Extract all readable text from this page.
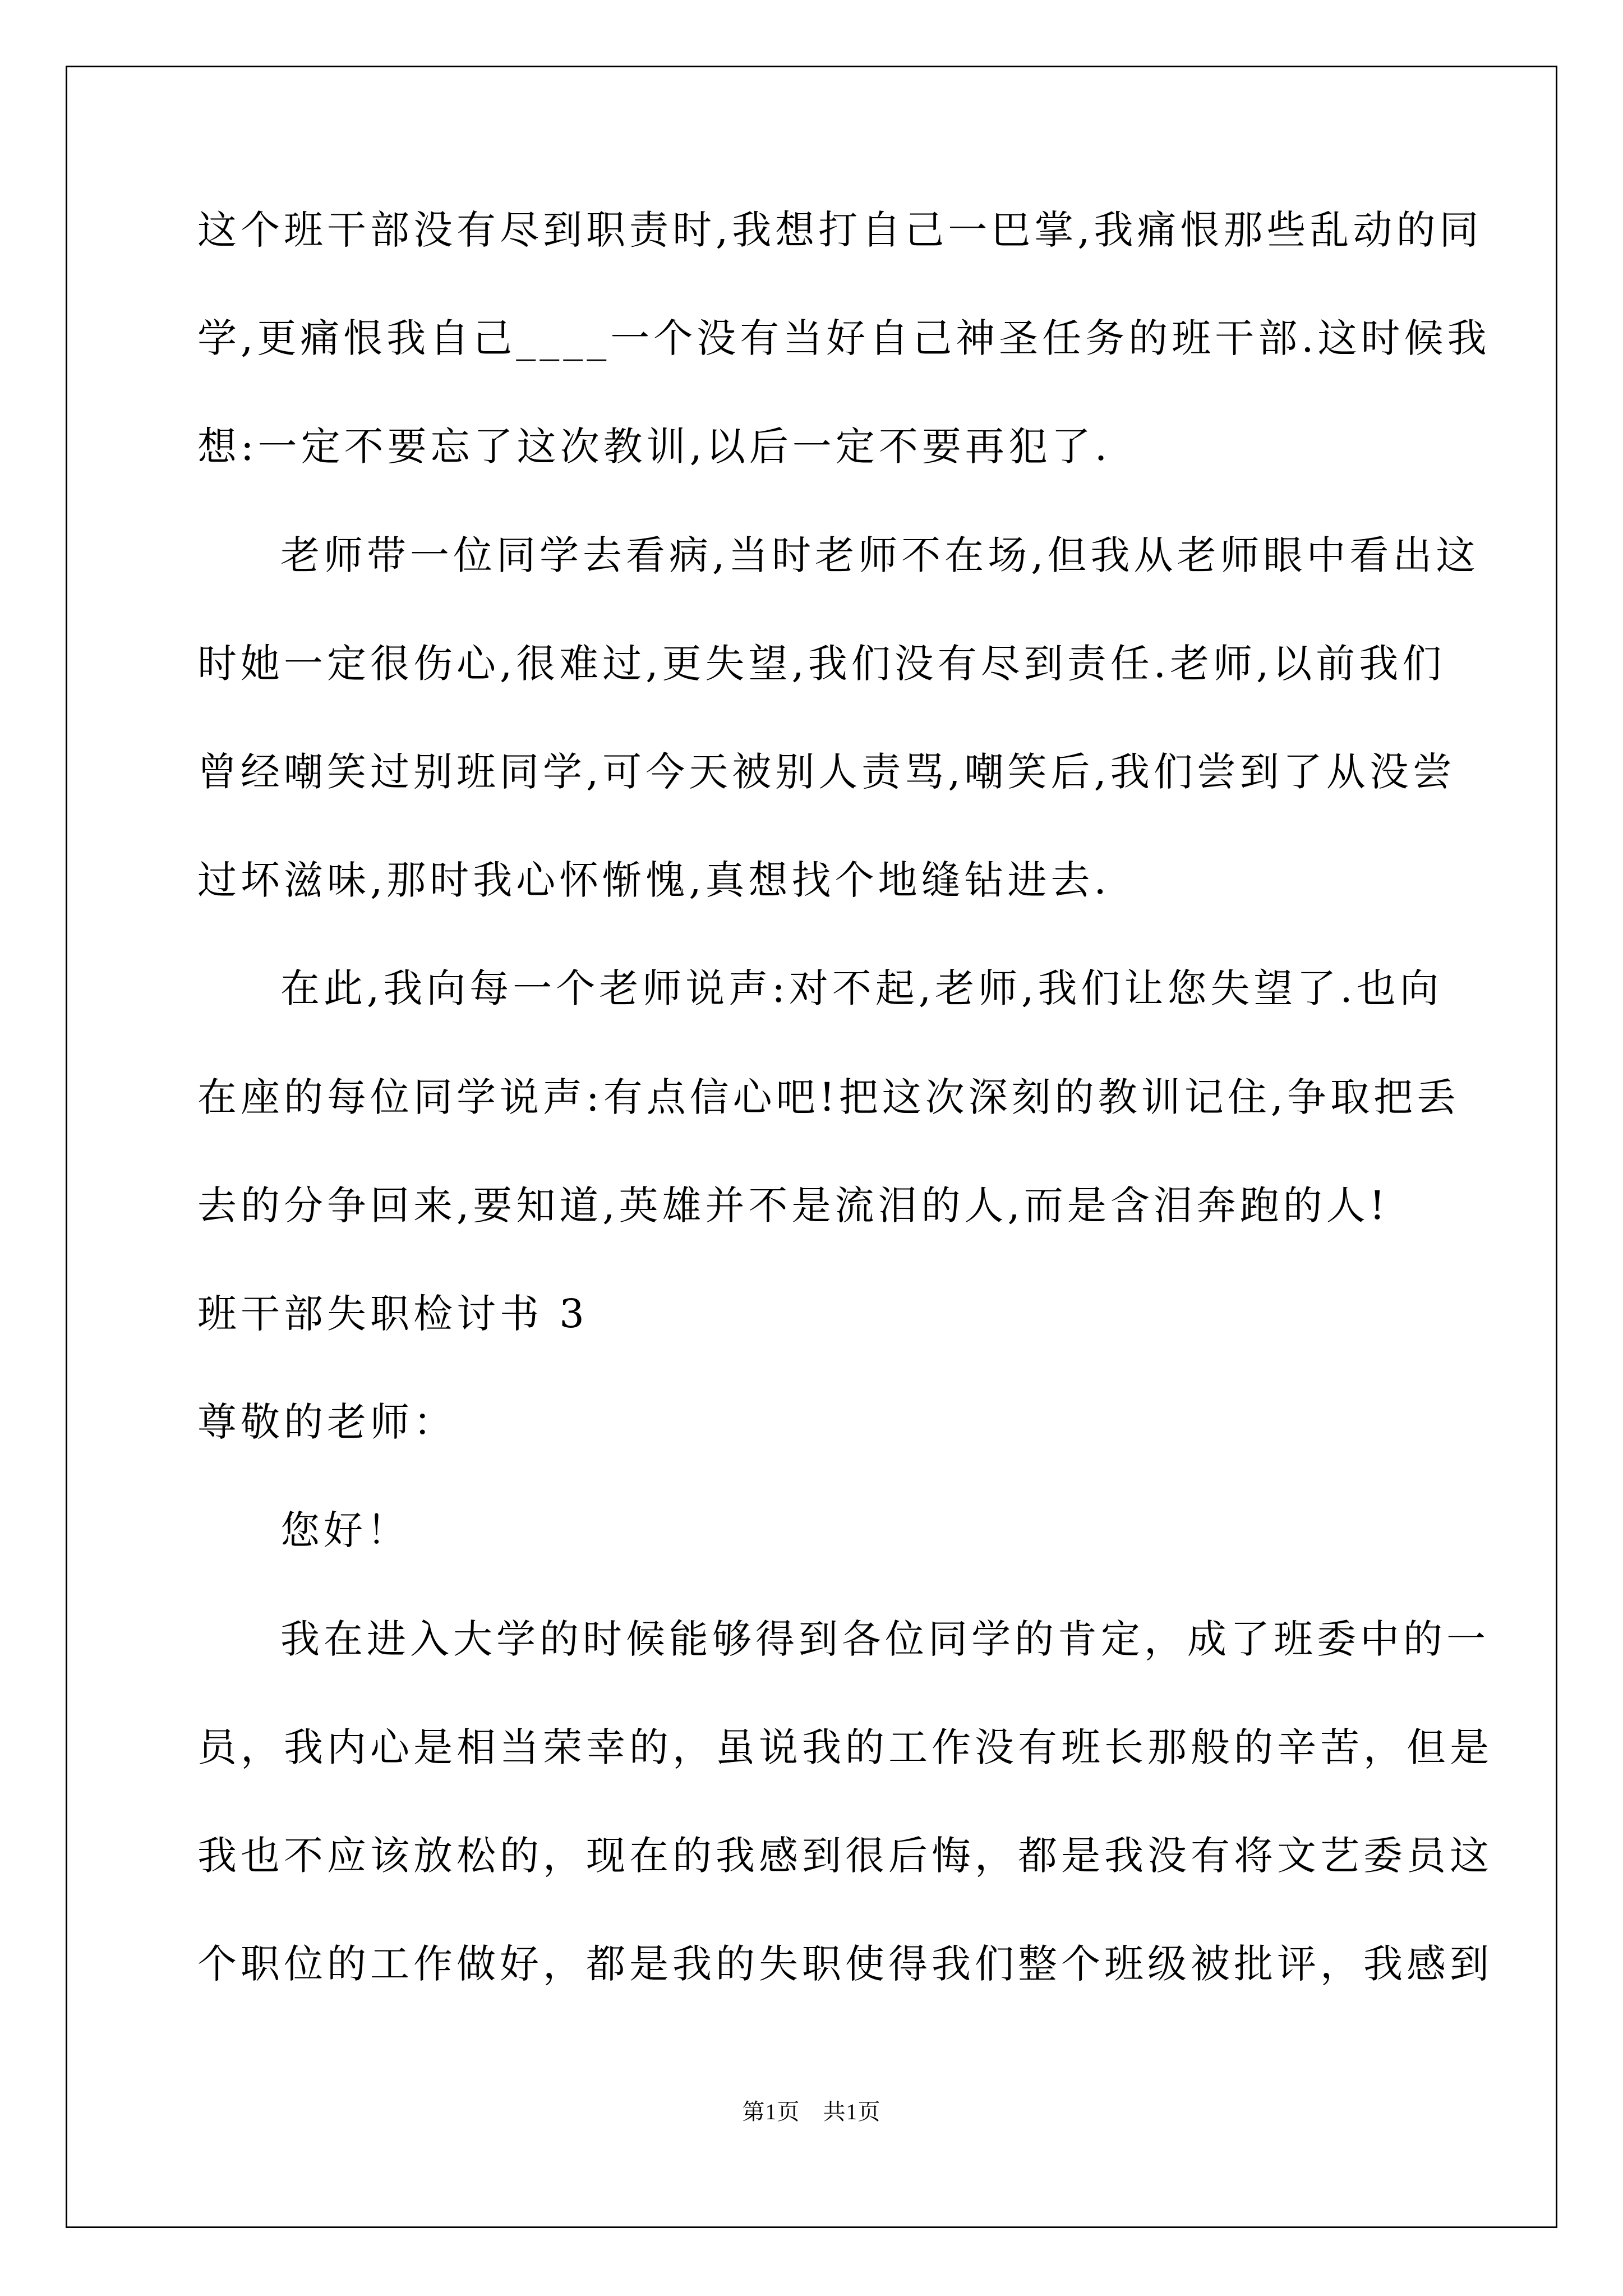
这个班干部没有尽到职责时,我想打自己一巴掌,我痛恨那些乱动的同
学,更痛恨我自己____一个没有当好自己神圣任务的班干部.这时候我
想:一定不要忘了这次教训,以后一定不要再犯了.
老师带一位同学去看病,当时老师不在场,但我从老师眼中看出这
时她一定很伤心,很难过,更失望,我们没有尽到责任.老师,以前我们
曾经嘲笑过别班同学,可今天被别人责骂,嘲笑后,我们尝到了从没尝
过坏滋味,那时我心怀惭愧,真想找个地缝钻进去.
在此,我向每一个老师说声:对不起,老师,我们让您失望了.也向
在座的每位同学说声:有点信心吧!把这次深刻的教训记住,争取把丢
去的分争回来,要知道,英雄并不是流泪的人,而是含泪奔跑的人!
班干部失职检讨书 3
尊敬的老师：
您好！
我在进入大学的时候能够得到各位同学的肯定，成了班委中的一
员，我内心是相当荣幸的，虽说我的工作没有班长那般的辛苦，但是
我也不应该放松的，现在的我感到很后悔，都是我没有将文艺委员这
个职位的工作做好，都是我的失职使得我们整个班级被批评，我感到
第1页　共1页
